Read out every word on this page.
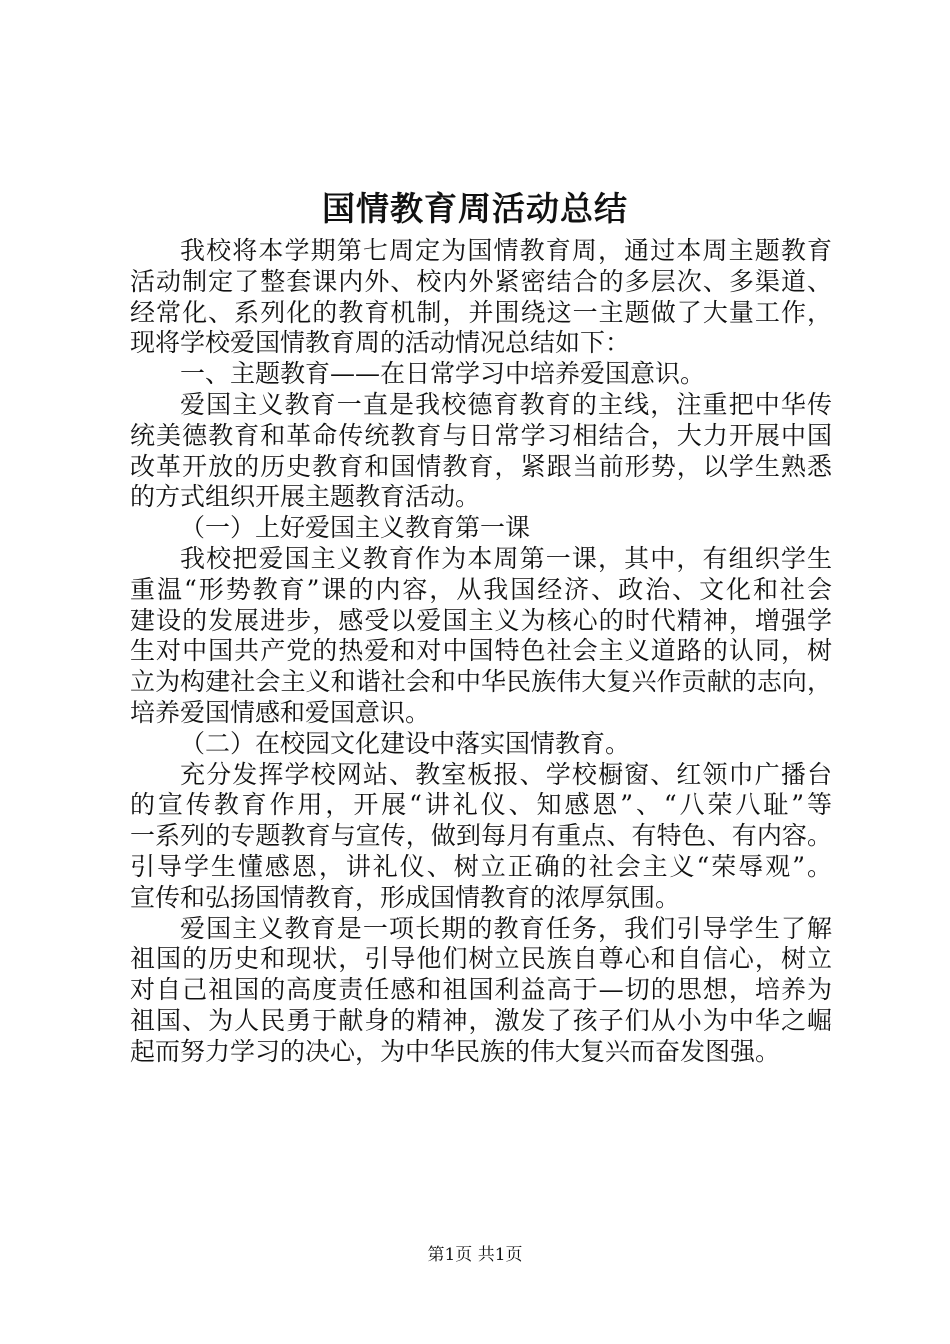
国情教育周活动总结
我校将本学期第七周定为国情教育周，通过本周主题教育
活动制定了整套课内外、校内外紧密结合的多层次、多渠道、
经常化、系列化的教育机制，并围绕这一主题做了大量工作，
现将学校爱国情教育周的活动情况总结如下：
一、主题教育——在日常学习中培养爱国意识。
爱国主义教育一直是我校德育教育的主线，注重把中华传
统美德教育和革命传统教育与日常学习相结合，大力开展中国
改革开放的历史教育和国情教育，紧跟当前形势，以学生熟悉
的方式组织开展主题教育活动。
（一）上好爱国主义教育第一课
我校把爱国主义教育作为本周第一课，其中，有组织学生
重温“形势教育”课的内容，从我国经济、政治、文化和社会
建设的发展进步，感受以爱国主义为核心的时代精神，增强学
生对中国共产党的热爱和对中国特色社会主义道路的认同，树
立为构建社会主义和谐社会和中华民族伟大复兴作贡献的志向，
培养爱国情感和爱国意识。
（二）在校园文化建设中落实国情教育。
充分发挥学校网站、教室板报、学校橱窗、红领巾广播台
的宣传教育作用，开展“讲礼仪、知感恩”、“八荣八耻”等
一系列的专题教育与宣传，做到每月有重点、有特色、有内容。
引导学生懂感恩，讲礼仪、树立正确的社会主义“荣辱观”。
宣传和弘扬国情教育，形成国情教育的浓厚氛围。
爱国主义教育是一项长期的教育任务，我们引导学生了解
祖国的历史和现状，引导他们树立民族自尊心和自信心，树立
对自己祖国的高度责任感和祖国利益高于—切的思想，培养为
祖国、为人民勇于献身的精神，激发了孩子们从小为中华之崛
起而努力学习的决心，为中华民族的伟大复兴而奋发图强。
第1页 共1页
